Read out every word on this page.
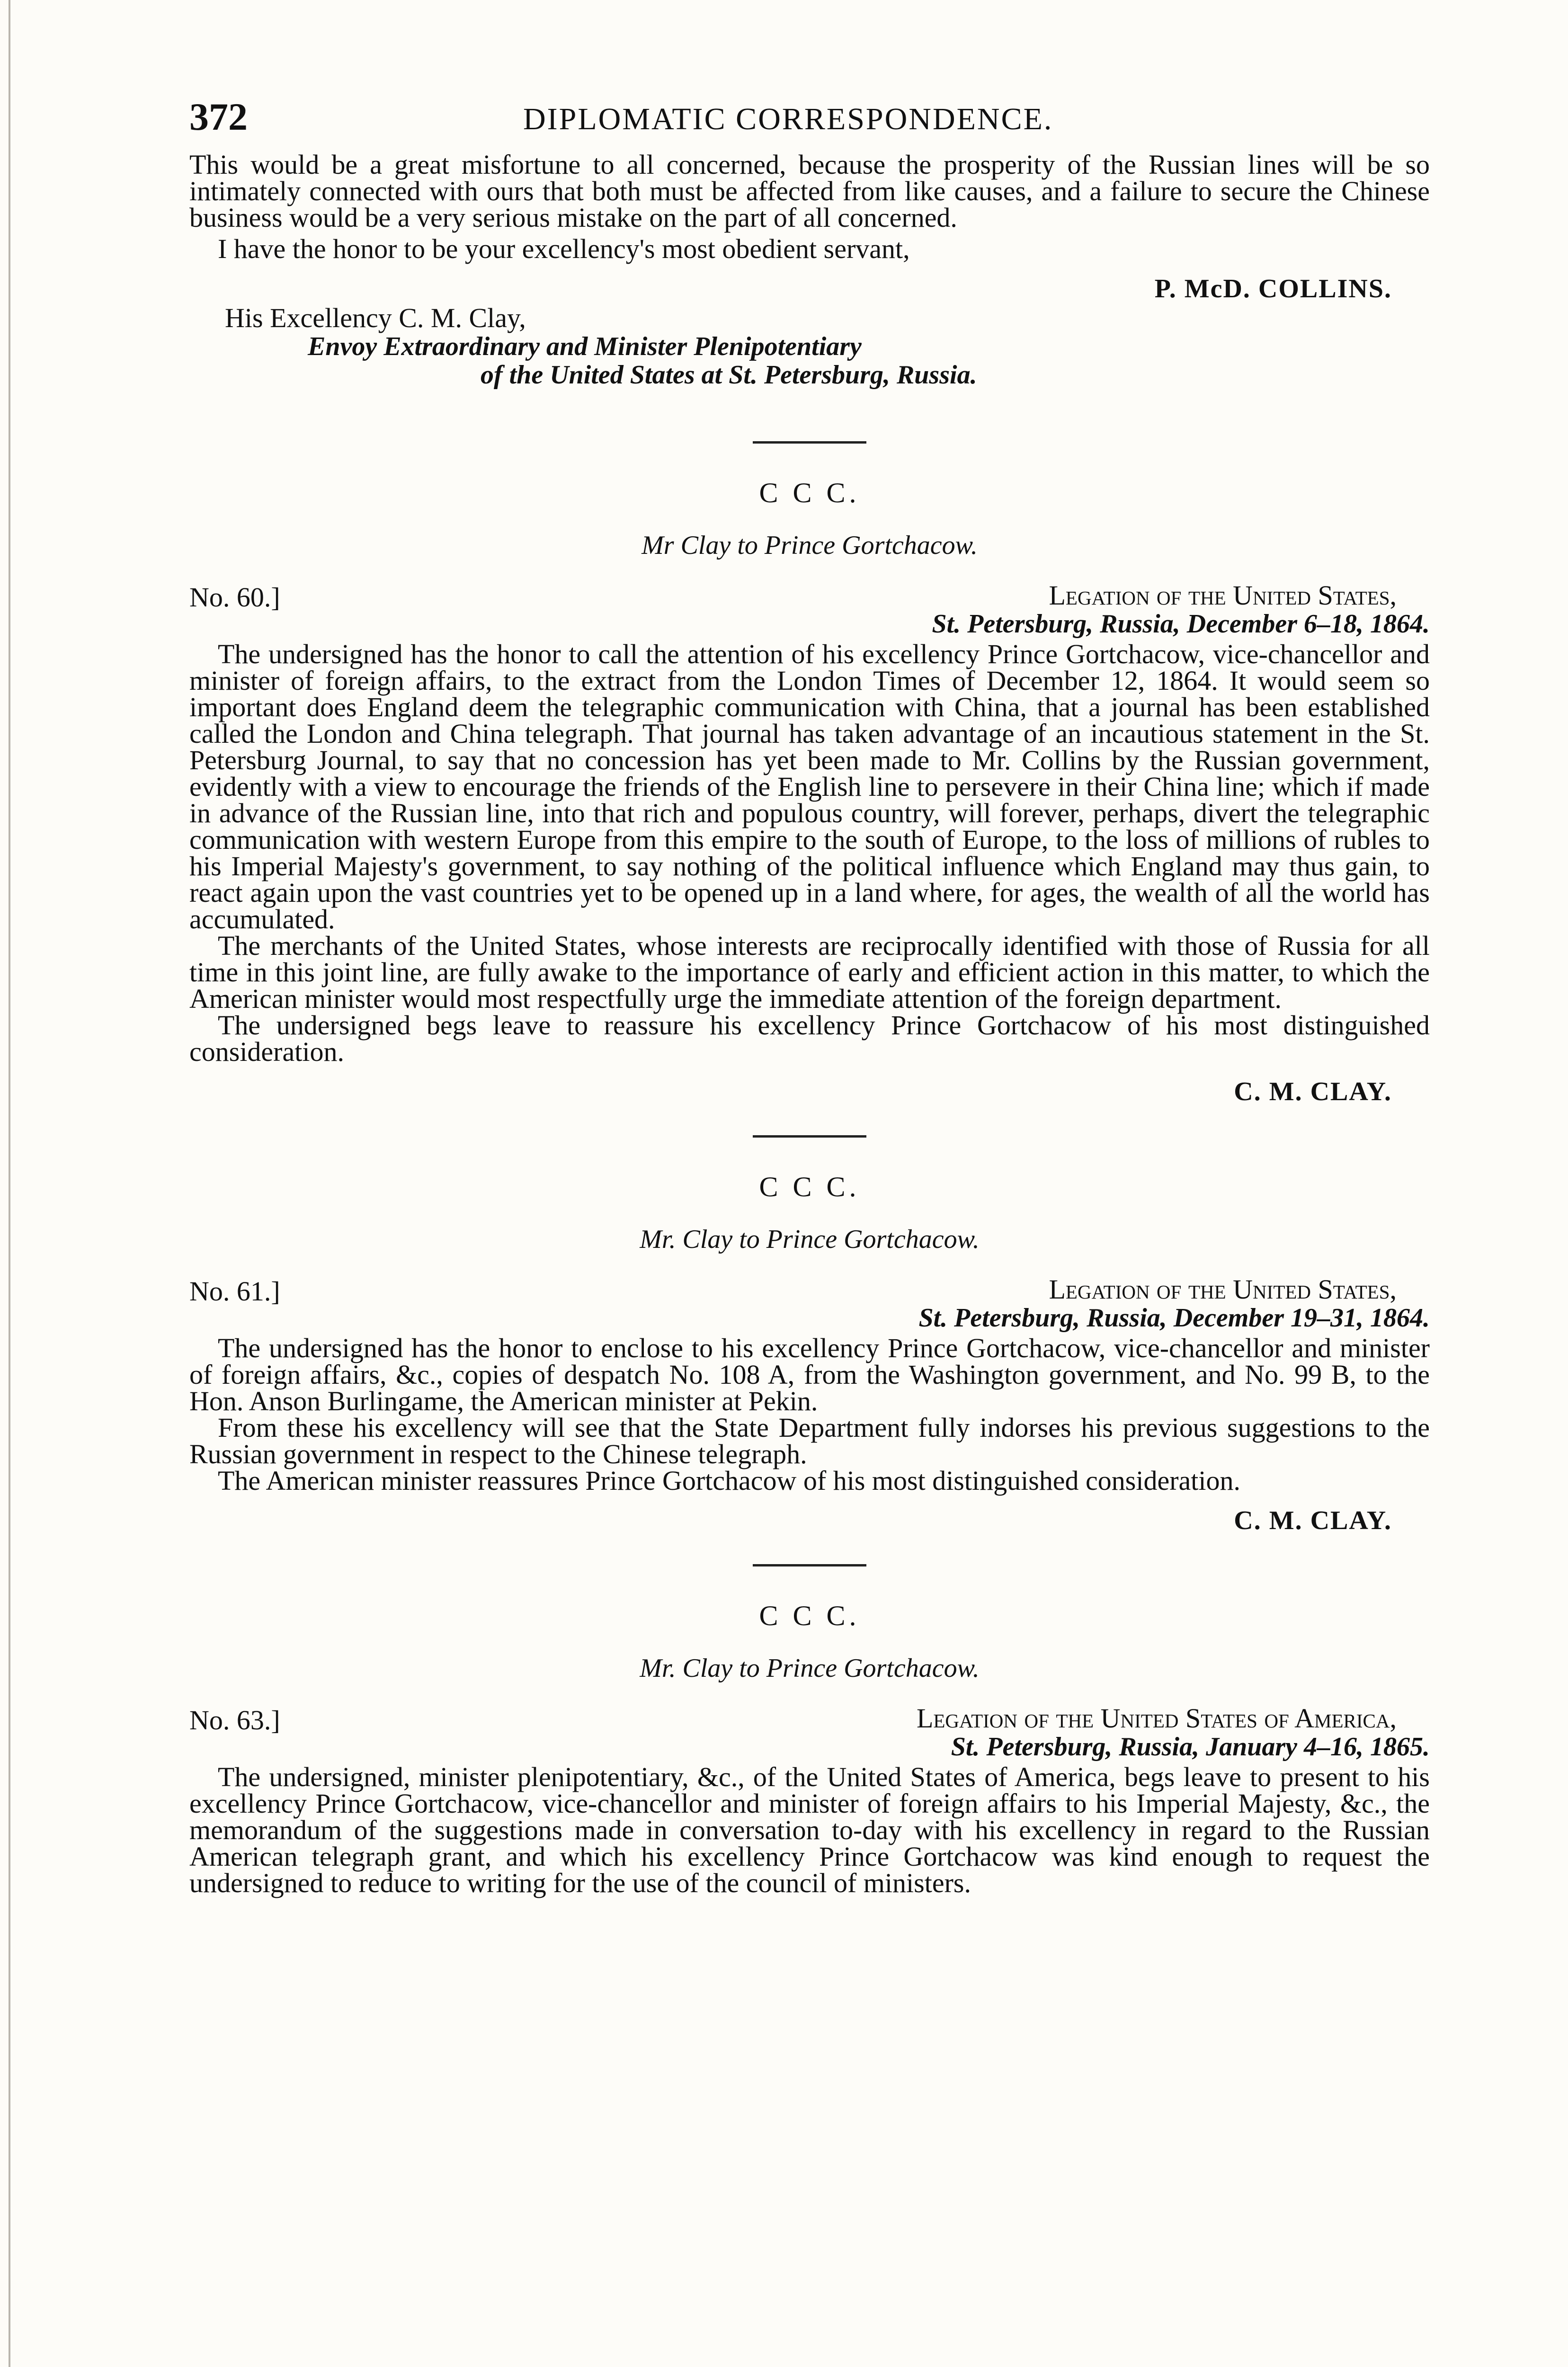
372	DIPLOMATIC CORRESPONDENCE.

This would be a great misfortune to all concerned, because the prosperity of the Russian lines will be so intimately connected with ours that both must be affected from like causes, and a failure to secure the Chinese business would be a very serious mistake on the part of all concerned.

I have the honor to be your excellency's most obedient servant,

P. McD. COLLINS.
His Excellency C. M. Clay,
Envoy Extraordinary and Minister Plenipotentiary
of the United States at St. Petersburg, Russia.
C C C.
Mr Clay to Prince Gortchacow.
No. 60.]	Legation of the United States,
St. Petersburg, Russia, December 6–18, 1864.

The undersigned has the honor to call the attention of his excellency Prince Gortchacow, vice-chancellor and minister of foreign affairs, to the extract from the London Times of December 12, 1864. It would seem so important does England deem the telegraphic communication with China, that a journal has been established called the London and China telegraph. That journal has taken advantage of an incautious statement in the St. Petersburg Journal, to say that no concession has yet been made to Mr. Collins by the Russian government, evidently with a view to encourage the friends of the English line to persevere in their China line; which if made in advance of the Russian line, into that rich and populous country, will forever, perhaps, divert the telegraphic communication with western Europe from this empire to the south of Europe, to the loss of millions of rubles to his Imperial Majesty's government, to say nothing of the political influence which England may thus gain, to react again upon the vast countries yet to be opened up in a land where, for ages, the wealth of all the world has accumulated.

The merchants of the United States, whose interests are reciprocally identified with those of Russia for all time in this joint line, are fully awake to the importance of early and efficient action in this matter, to which the American minister would most respectfully urge the immediate attention of the foreign department.

The undersigned begs leave to reassure his excellency Prince Gortchacow of his most distinguished consideration.

C. M. CLAY.
C C C.
Mr. Clay to Prince Gortchacow.
No. 61.]	Legation of the United States,
St. Petersburg, Russia, December 19–31, 1864.

The undersigned has the honor to enclose to his excellency Prince Gortchacow, vice-chancellor and minister of foreign affairs, &c., copies of despatch No. 108 A, from the Washington government, and No. 99 B, to the Hon. Anson Burlingame, the American minister at Pekin.

From these his excellency will see that the State Department fully indorses his previous suggestions to the Russian government in respect to the Chinese telegraph.

The American minister reassures Prince Gortchacow of his most distinguished consideration.

C. M. CLAY.
C C C.
Mr. Clay to Prince Gortchacow.
No. 63.]	Legation of the United States of America,
St. Petersburg, Russia, January 4–16, 1865.

The undersigned, minister plenipotentiary, &c., of the United States of America, begs leave to present to his excellency Prince Gortchacow, vice-chancellor and minister of foreign affairs to his Imperial Majesty, &c., the memorandum of the suggestions made in conversation to-day with his excellency in regard to the Russian American telegraph grant, and which his excellency Prince Gortchacow was kind enough to request the undersigned to reduce to writing for the use of the council of ministers.
